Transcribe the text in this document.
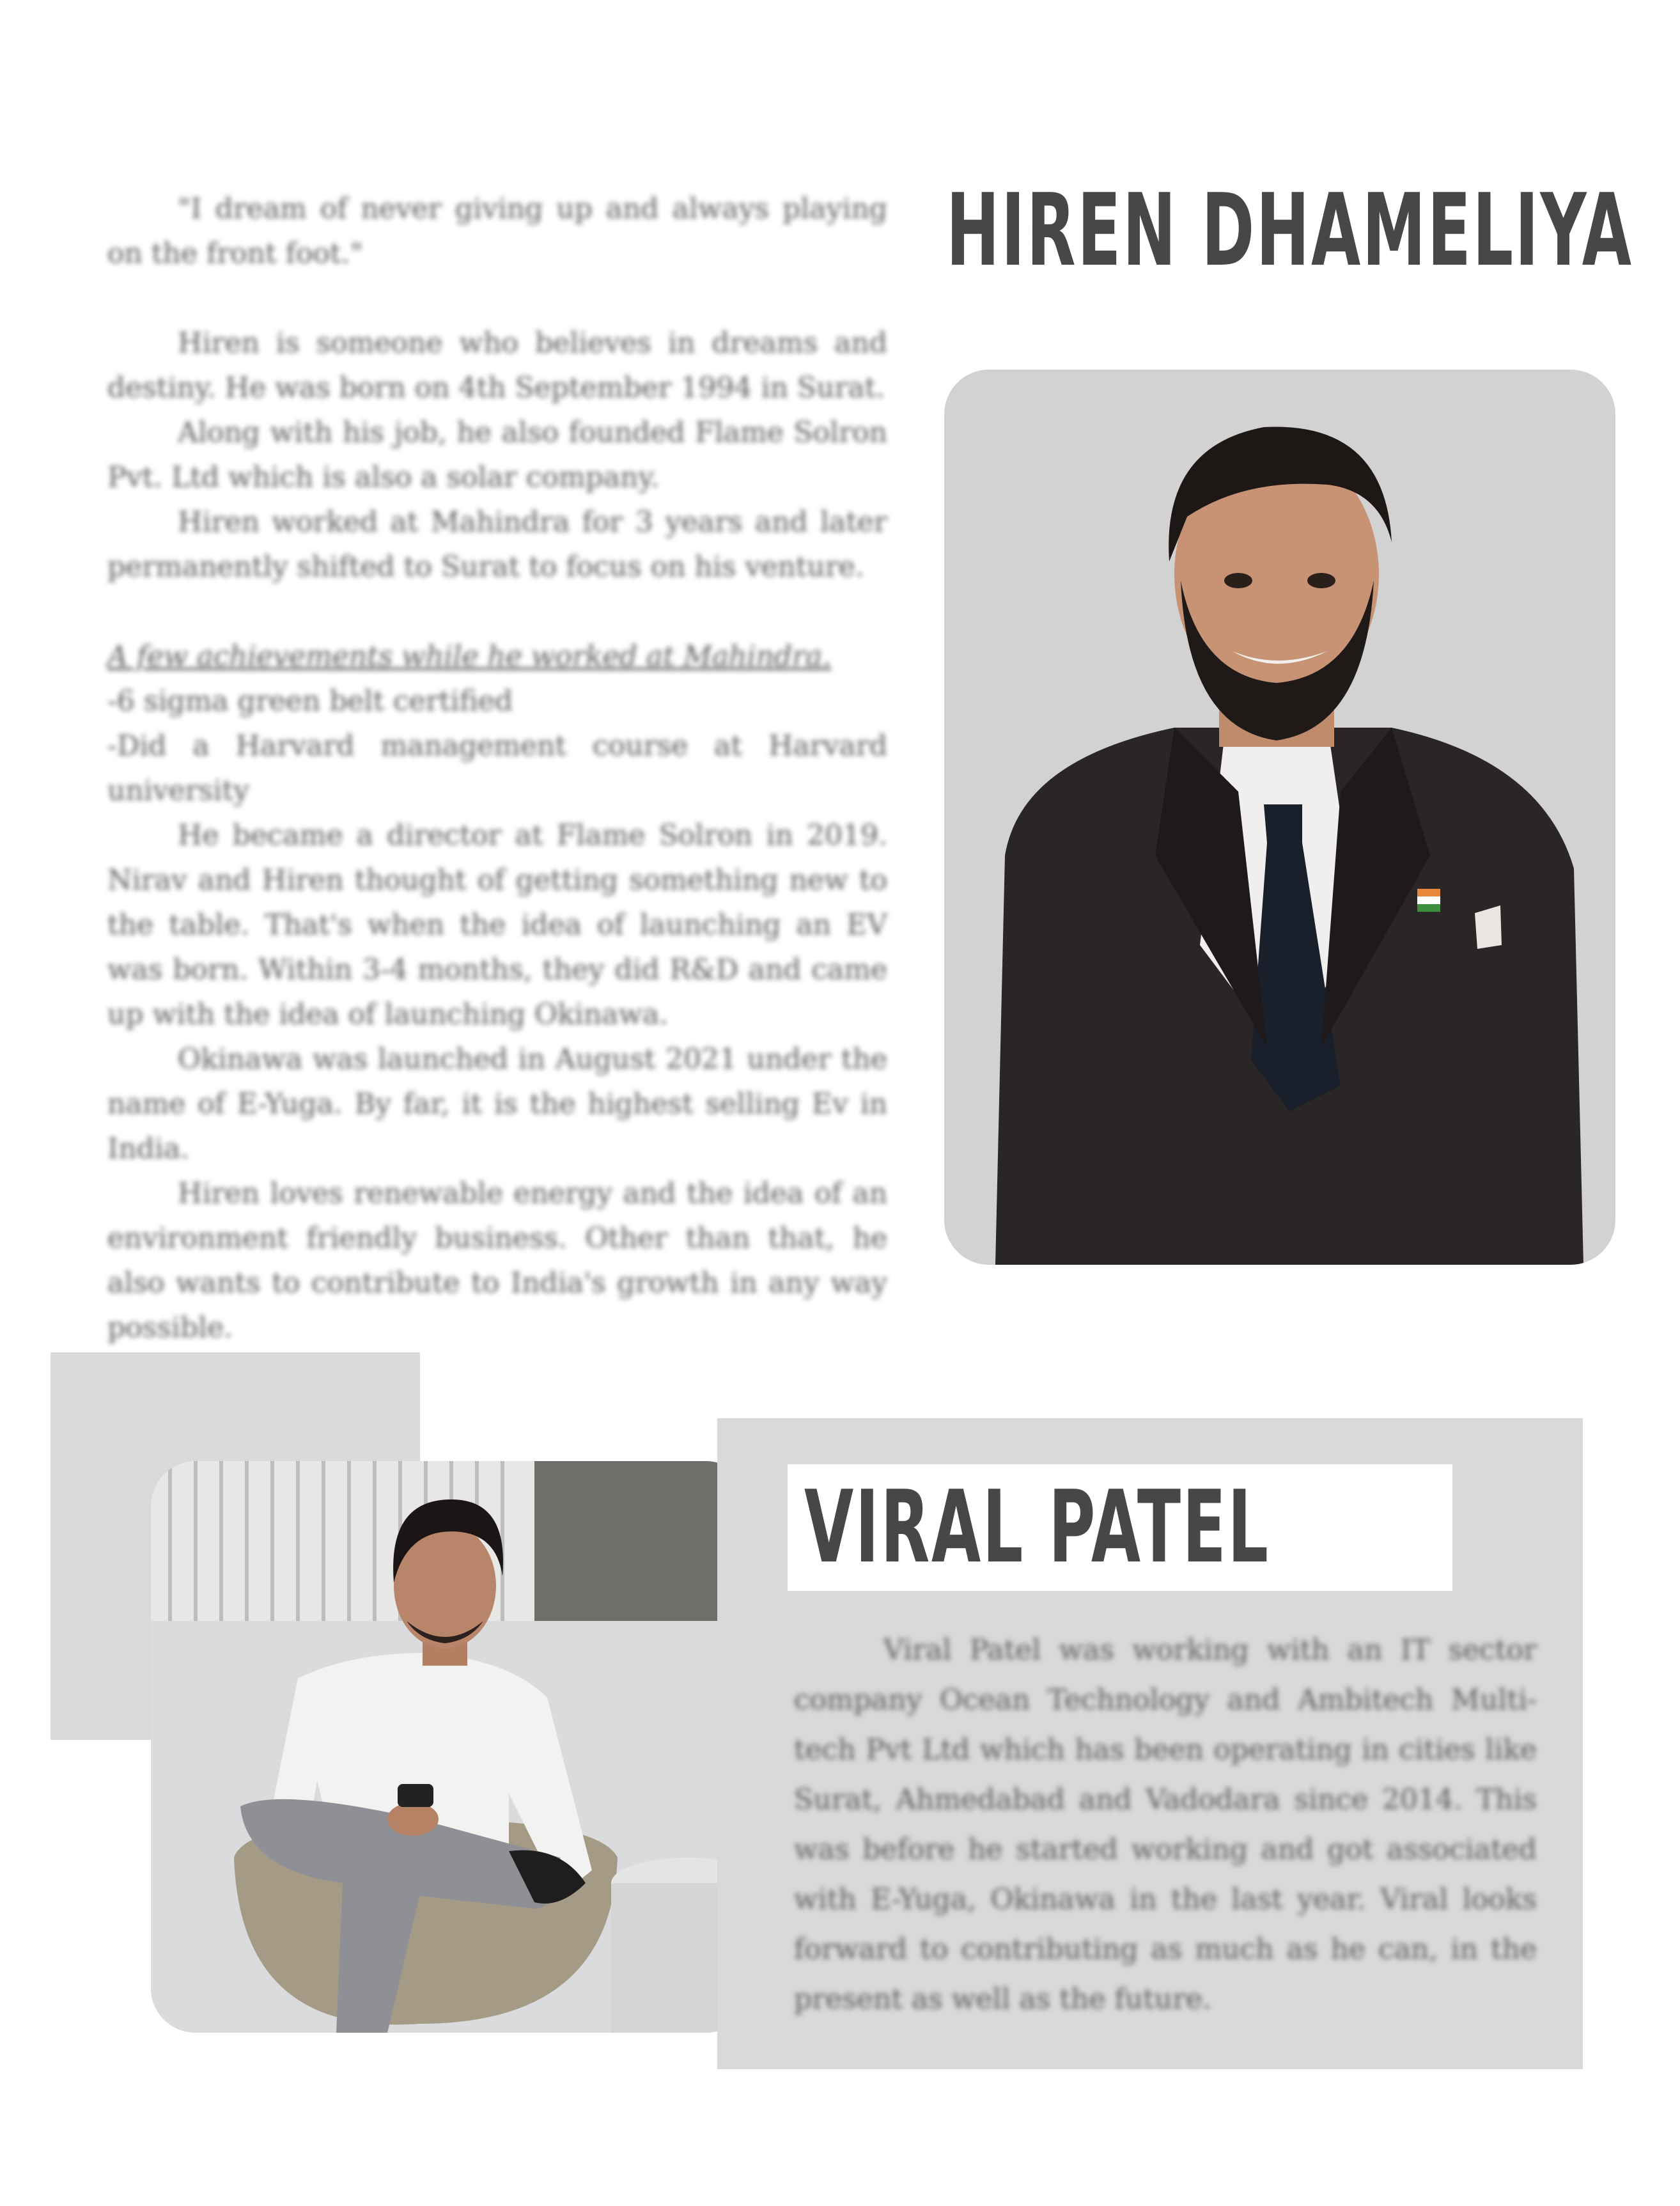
"I dream of never giving up and always playing on the front foot."

Hiren is someone who believes in dreams and destiny. He was born on 4th September 1994 in Surat.

Along with his job, he also founded Flame Solron Pvt. Ltd which is also a solar company.

Hiren worked at Mahindra for 3 years and later permanently shifted to Surat to focus on his venture.

A few achievements while he worked at Mahindra.

-6 sigma green belt certified

-Did a Harvard management course at Harvard university

He became a director at Flame Solron in 2019. Nirav and Hiren thought of getting something new to the table. That's when the idea of launching an EV was born. Within 3-4 months, they did R&D and came up with the idea of launching Okinawa.

Okinawa was launched in August 2021 under the name of E-Yuga. By far, it is the highest selling Ev in India.

Hiren loves renewable energy and the idea of an environment friendly business. Other than that, he also wants to contribute to India's growth in any way possible.

HIREN DHAMELIYA
VIRAL PATEL

Viral Patel was working with an IT sector company Ocean Technology and Ambitech Multi-tech Pvt Ltd which has been operating in cities like Surat, Ahmedabad and Vadodara since 2014. This was before he started working and got associated with E-Yuga, Okinawa in the last year. Viral looks forward to contributing as much as he can, in the present as well as the future.
